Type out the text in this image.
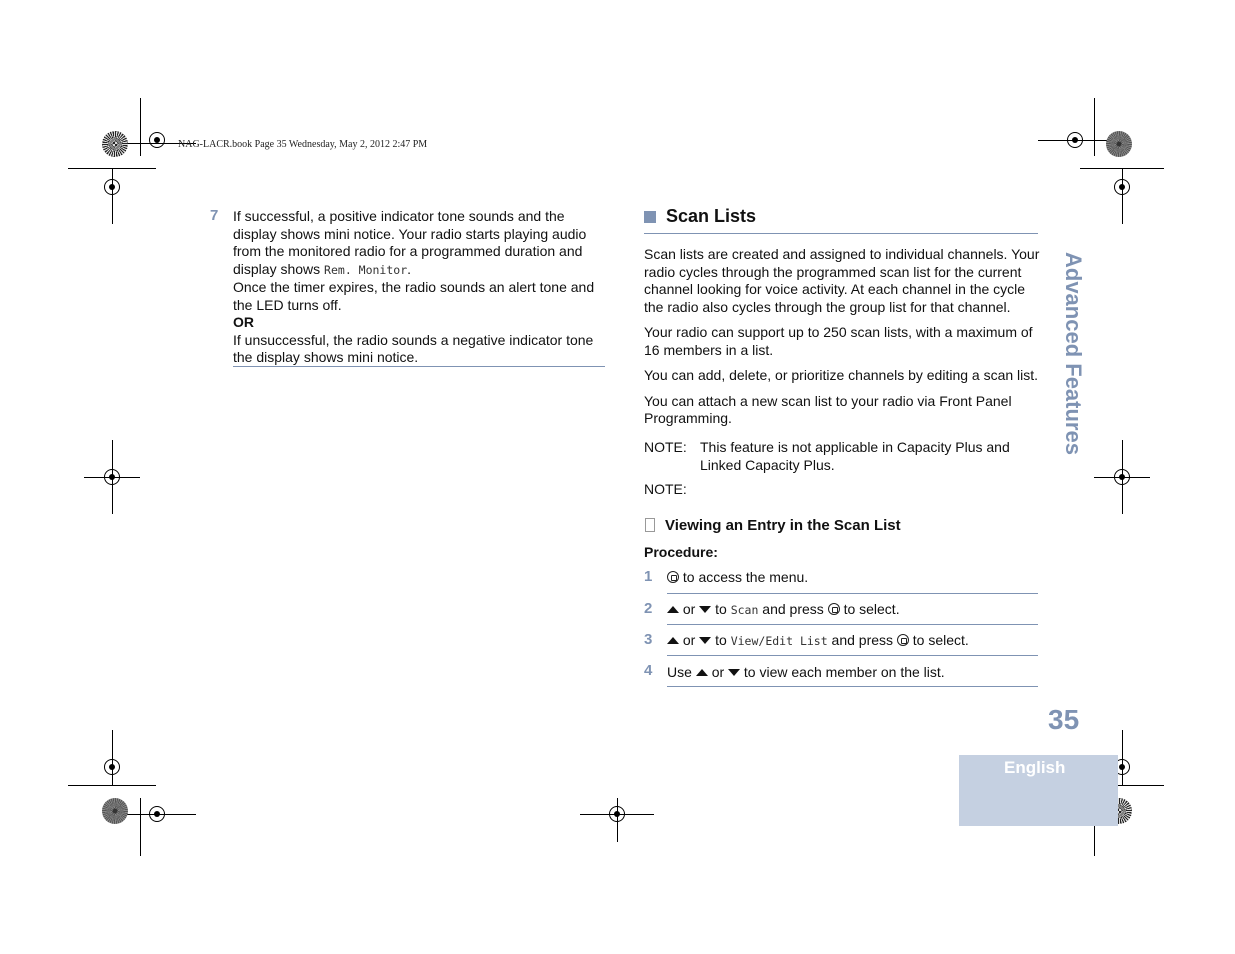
NAG-LACR.book Page 35 Wednesday, May 2, 2012 2:47 PM
7 If successful, a positive indicator tone sounds and the
display shows mini notice. Your radio starts playing audio
from the monitored radio for a programmed duration and
display shows Rem. Monitor.
Once the timer expires, the radio sounds an alert tone and
the LED turns off.
OR
If unsuccessful, the radio sounds a negative indicator tone
the display shows mini notice.
Scan Lists
Scan lists are created and assigned to individual channels. Your
radio cycles through the programmed scan list for the current
channel looking for voice activity. At each channel in the cycle
the radio also cycles through the group list for that channel.
Your radio can support up to 250 scan lists, with a maximum of
16 members in a list.
You can add, delete, or prioritize channels by editing a scan list.
You can attach a new scan list to your radio via Front Panel
Programming.
NOTE: This feature is not applicable in Capacity Plus and
Linked Capacity Plus.
NOTE:
Viewing an Entry in the Scan List
Procedure:
1	to access the menu.
2	or to Scan and press to select.
3	or to View/Edit List and press to select.
4 Use or to view each member on the list.
Advanced Features
35
English
